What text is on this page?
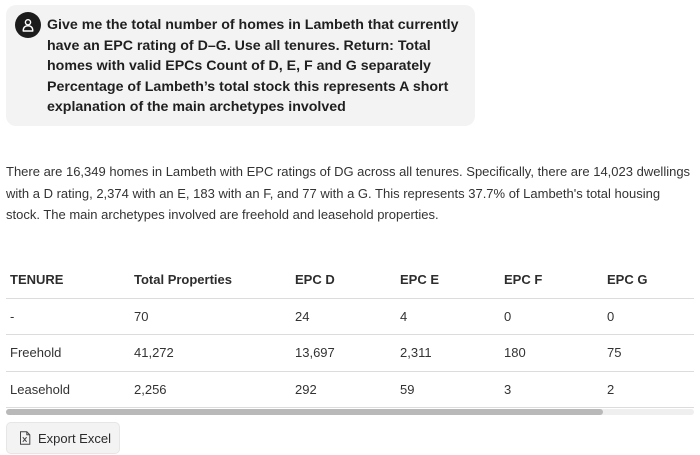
Give me the total number of homes in Lambeth that currently have an EPC rating of D–G. Use all tenures. Return: Total homes with valid EPCs Count of D, E, F and G separately Percentage of Lambeth’s total stock this represents A short explanation of the main archetypes involved
There are 16,349 homes in Lambeth with EPC ratings of DG across all tenures. Specifically, there are 14,023 dwellings with a D rating, 2,374 with an E, 183 with an F, and 77 with a G. This represents 37.7% of Lambeth's total housing stock. The main archetypes involved are freehold and leasehold properties.
TENURE	Total Properties	EPC D	EPC E	EPC F	EPC G
-	70	24	4	0	0
Freehold	41,272	13,697	2,311	180	75
Leasehold	2,256	292	59	3	2
Export Excel
